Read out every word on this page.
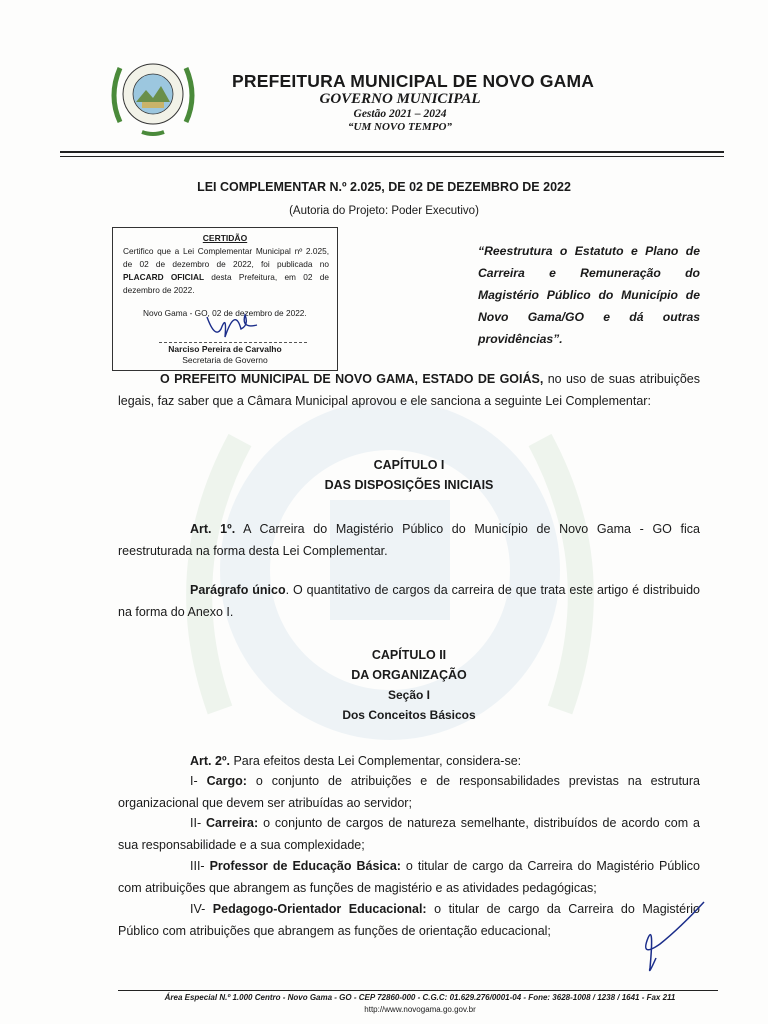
PREFEITURA MUNICIPAL DE NOVO GAMA
GOVERNO MUNICIPAL
Gestão 2021 – 2024
“UM NOVO TEMPO”
LEI COMPLEMENTAR N.º 2.025, DE 02 DE DEZEMBRO DE 2022
(Autoria do Projeto: Poder Executivo)
CERTIDÃO
Certifico que a Lei Complementar Municipal nº 2.025, de 02 de dezembro de 2022, foi publicada no PLACARD OFICIAL desta Prefeitura, em 02 de dezembro de 2022.
Novo Gama - GO, 02 de dezembro de 2022.
Narciso Pereira de Carvalho
Secretaria de Governo
“Reestrutura o Estatuto e Plano de Carreira e Remuneração do Magistério Público do Município de Novo Gama/GO e dá outras providências”.
O PREFEITO MUNICIPAL DE NOVO GAMA, ESTADO DE GOIÁS, no uso de suas atribuições legais, faz saber que a Câmara Municipal aprovou e ele sanciona a seguinte Lei Complementar:
CAPÍTULO I
DAS DISPOSIÇÕES INICIAIS
Art. 1º. A Carreira do Magistério Público do Município de Novo Gama - GO fica reestruturada na forma desta Lei Complementar.
Parágrafo único. O quantitativo de cargos da carreira de que trata este artigo é distribuido na forma do Anexo I.
CAPÍTULO II
DA ORGANIZAÇÃO
Seção I
Dos Conceitos Básicos
Art. 2º. Para efeitos desta Lei Complementar, considera-se:
I- Cargo: o conjunto de atribuições e de responsabilidades previstas na estrutura organizacional que devem ser atribuídas ao servidor;
II- Carreira: o conjunto de cargos de natureza semelhante, distribuídos de acordo com a sua responsabilidade e a sua complexidade;
III- Professor de Educação Básica: o titular de cargo da Carreira do Magistério Público com atribuições que abrangem as funções de magistério e as atividades pedagógicas;
IV- Pedagogo-Orientador Educacional: o titular de cargo da Carreira do Magistério Público com atribuições que abrangem as funções de orientação educacional;
Área Especial N.º 1.000 Centro - Novo Gama - GO - CEP 72860-000 - C.G.C: 01.629.276/0001-04 - Fone: 3628-1008 / 1238 / 1641 - Fax 211
http://www.novogama.go.gov.br
